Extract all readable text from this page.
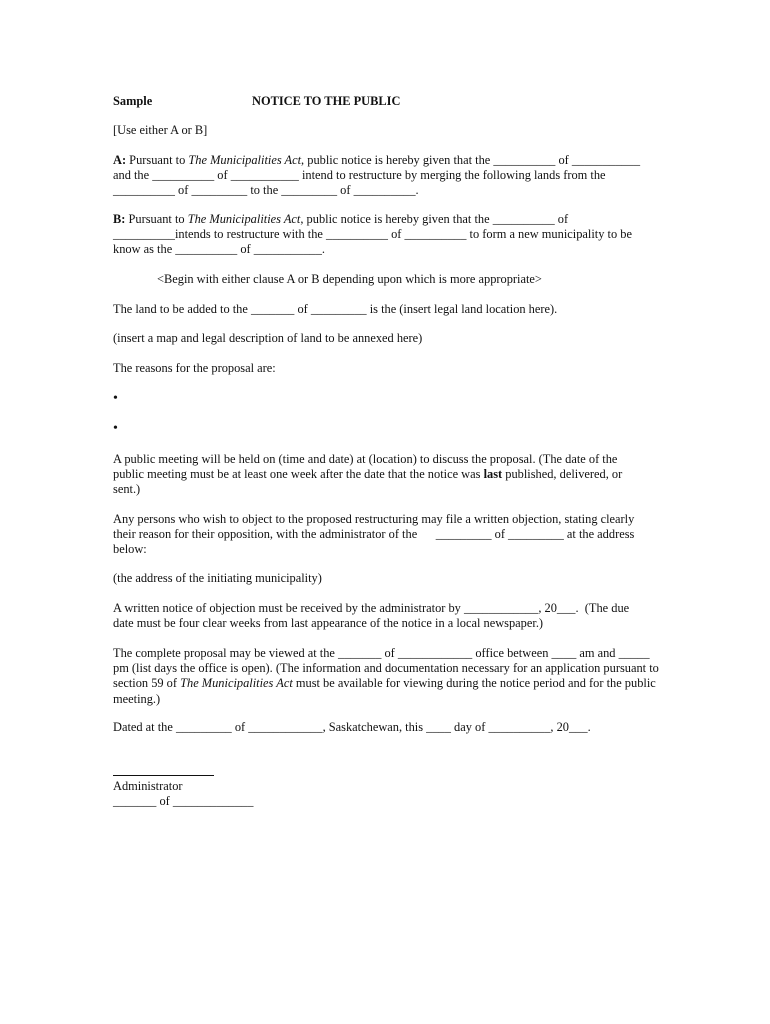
Sample	NOTICE TO THE PUBLIC

[Use either A or B]

A: Pursuant to The Municipalities Act, public notice is hereby given that the __________ of ___________
and the __________ of ___________ intend to restructure by merging the following lands from the
__________ of _________ to the _________ of __________.
B: Pursuant to The Municipalities Act, public notice is hereby given that the __________ of
__________intends to restructure with the __________ of __________ to form a new municipality to be
know as the __________ of ___________.

<Begin with either clause A or B depending upon which is more appropriate>

The land to be added to the _______ of _________ is the (insert legal land location here).

(insert a map and legal description of land to be annexed here)

The reasons for the proposal are:

•
•
A public meeting will be held on (time and date) at (location) to discuss the proposal. (The date of the
public meeting must be at least one week after the date that the notice was last published, delivered, or
sent.)
Any persons who wish to object to the proposed restructuring may file a written objection, stating clearly
their reason for their opposition, with the administrator of the      _________ of _________ at the address
below:

(the address of the initiating municipality)

A written notice of objection must be received by the administrator by ____________, 20___.  (The due
date must be four clear weeks from last appearance of the notice in a local newspaper.)
The complete proposal may be viewed at the _______ of ____________ office between ____ am and _____
pm (list days the office is open). (The information and documentation necessary for an application pursuant to
section 59 of The Municipalities Act must be available for viewing during the notice period and for the public
meeting.)

Dated at the _________ of ____________, Saskatchewan, this ____ day of __________, 20___.

Administrator
_______ of _____________
